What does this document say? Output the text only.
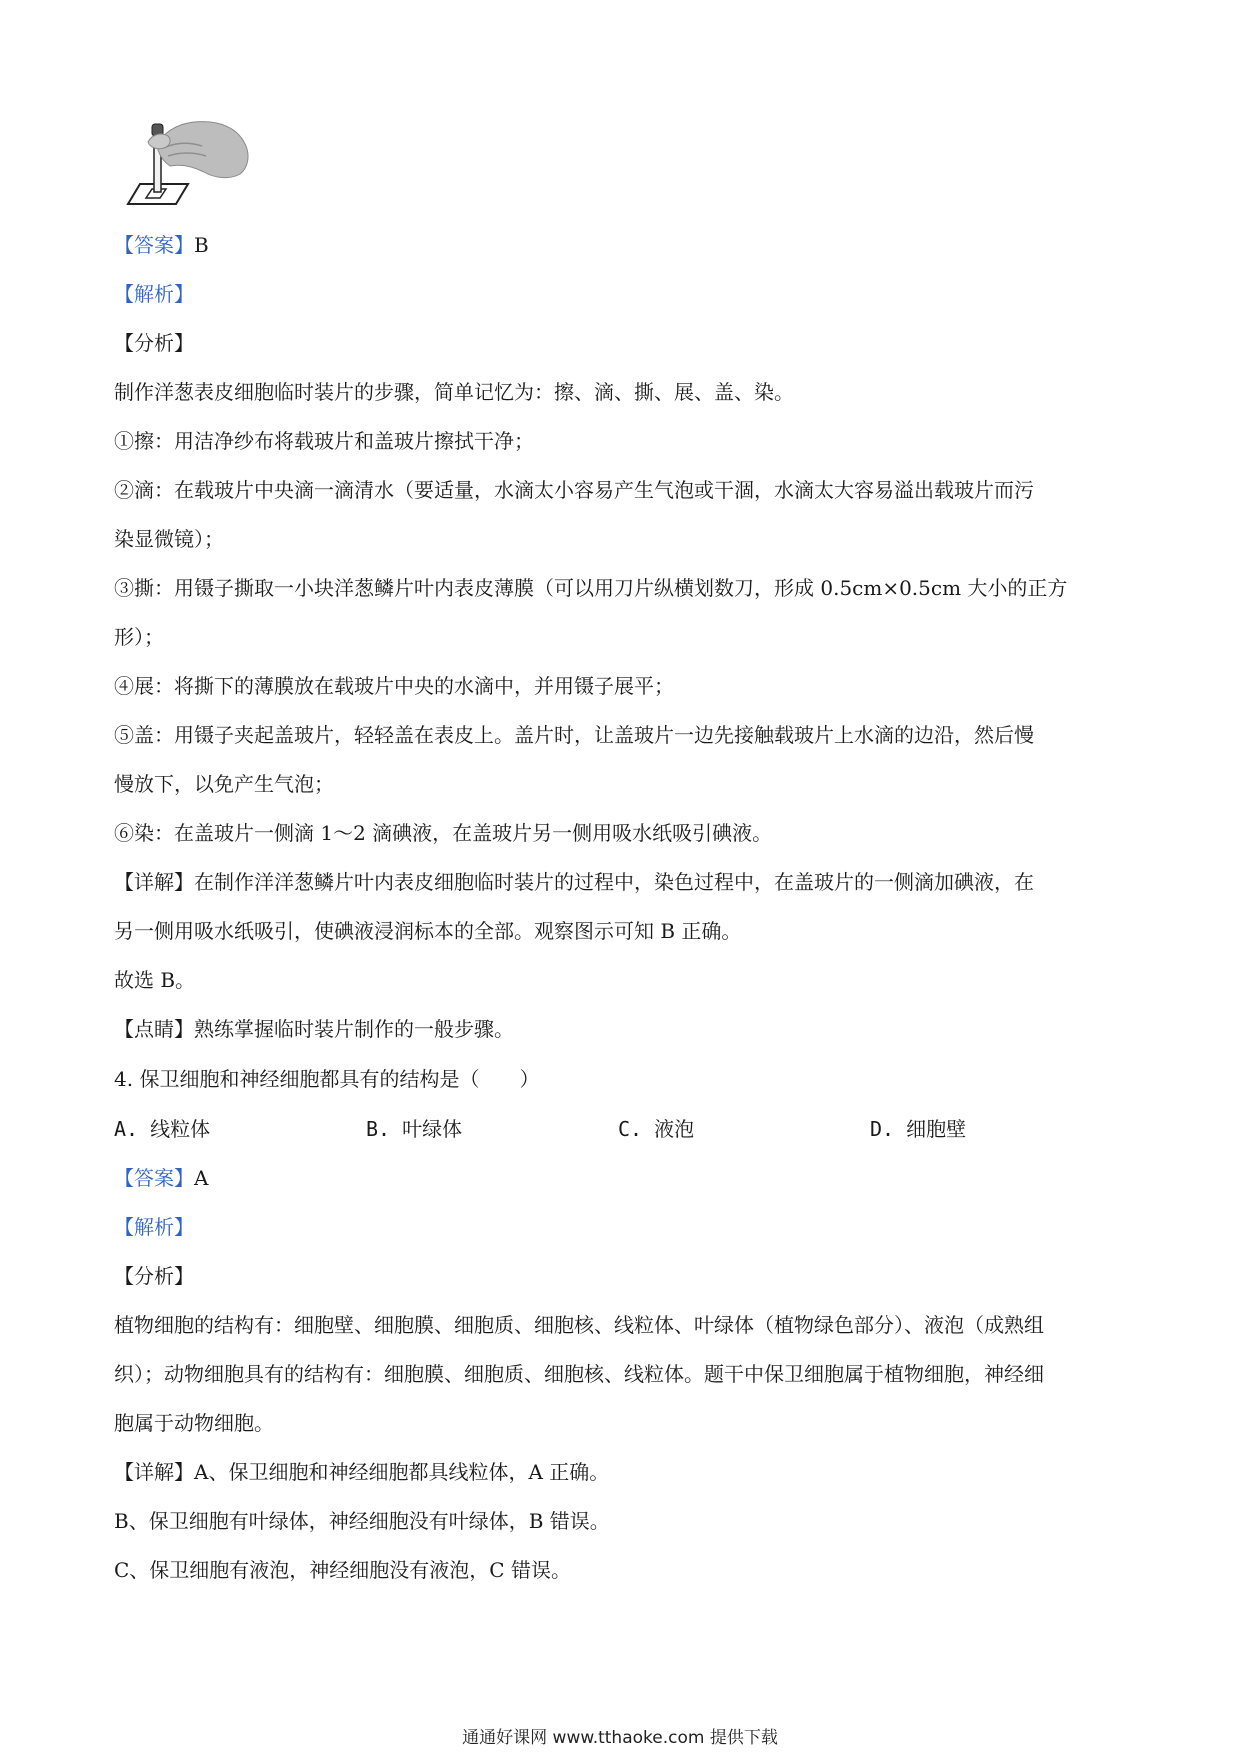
【答案】B
【解析】
【分析】
制作洋葱表皮细胞临时装片的步骤，简单记忆为：擦、滴、撕、展、盖、染。
①擦：用洁净纱布将载玻片和盖玻片擦拭干净；
②滴：在载玻片中央滴一滴清水（要适量，水滴太小容易产生气泡或干涸，水滴太大容易溢出载玻片而污
染显微镜）；
③撕：用镊子撕取一小块洋葱鳞片叶内表皮薄膜（可以用刀片纵横划数刀，形成 0.5cm×0.5cm 大小的正方
形）；
④展：将撕下的薄膜放在载玻片中央的水滴中，并用镊子展平；
⑤盖：用镊子夹起盖玻片，轻轻盖在表皮上。盖片时，让盖玻片一边先接触载玻片上水滴的边沿，然后慢
慢放下，以免产生气泡；
⑥染：在盖玻片一侧滴 1～2 滴碘液，在盖玻片另一侧用吸水纸吸引碘液。
【详解】在制作洋洋葱鳞片叶内表皮细胞临时装片的过程中，染色过程中，在盖玻片的一侧滴加碘液，在
另一侧用吸水纸吸引，使碘液浸润标本的全部。观察图示可知 B 正确。
故选 B。
【点睛】熟练掌握临时装片制作的一般步骤。
4. 保卫细胞和神经细胞都具有的结构是（　　）
A. 线粒体	B. 叶绿体	C. 液泡	D. 细胞壁
【答案】A
【解析】
【分析】
植物细胞的结构有：细胞壁、细胞膜、细胞质、细胞核、线粒体、叶绿体（植物绿色部分）、液泡（成熟组
织）；动物细胞具有的结构有：细胞膜、细胞质、细胞核、线粒体。题干中保卫细胞属于植物细胞，神经细
胞属于动物细胞。
【详解】A、保卫细胞和神经细胞都具线粒体，A 正确。
B、保卫细胞有叶绿体，神经细胞没有叶绿体，B 错误。
C、保卫细胞有液泡，神经细胞没有液泡，C 错误。
通通好课网 www.tthaoke.com 提供下载
